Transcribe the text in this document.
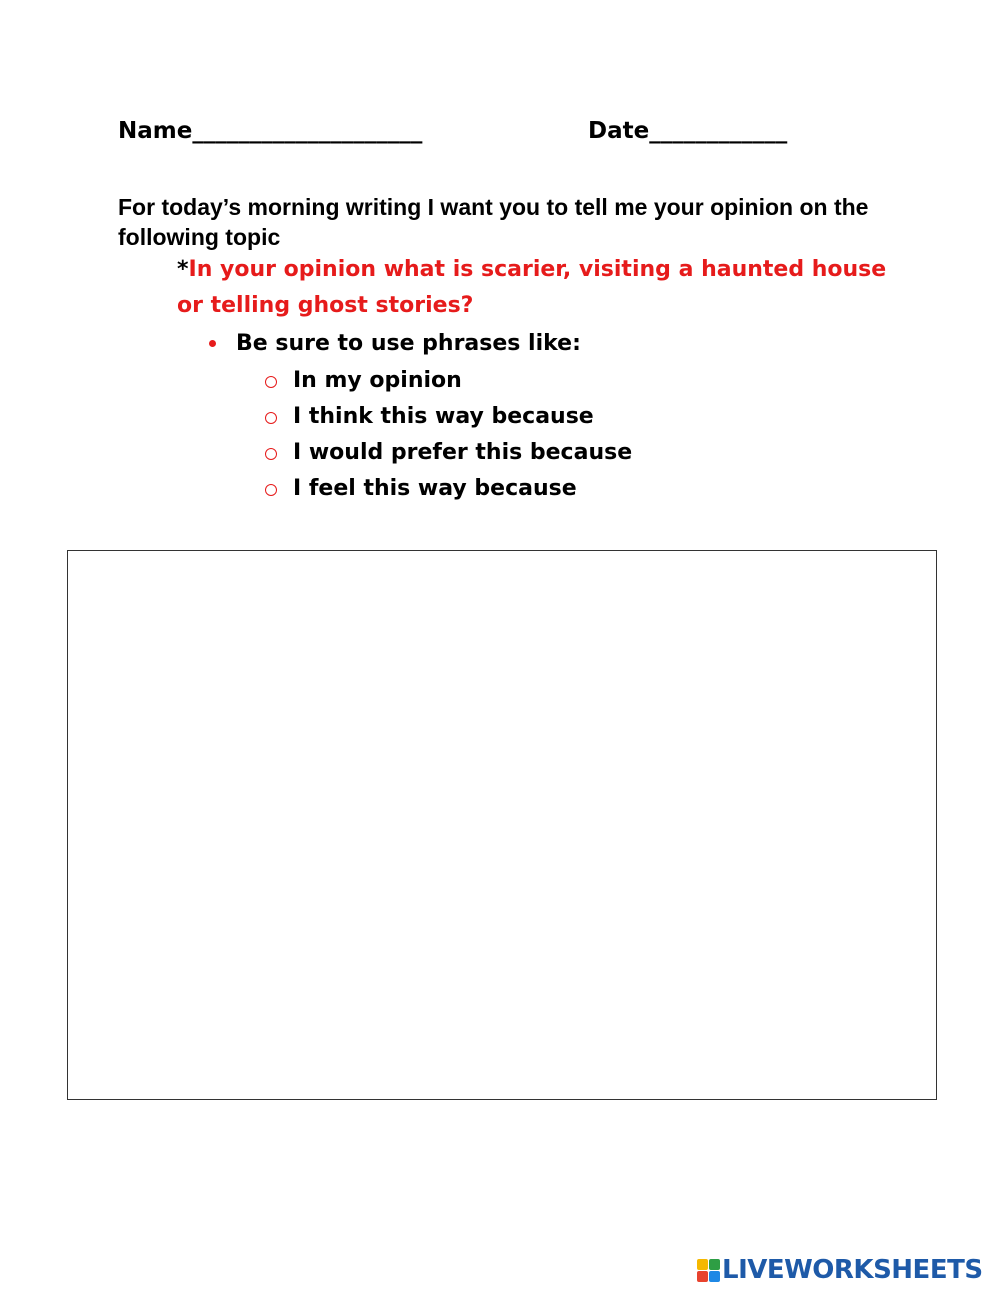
Name____________________	Date____________
For today’s morning writing I want you to tell me your opinion on the following topic
*In your opinion what is scarier, visiting a haunted house or telling ghost stories?
Be sure to use phrases like:
In my opinion
I think this way because
I would prefer this because
I feel this way because
LIVEWORKSHEETS
